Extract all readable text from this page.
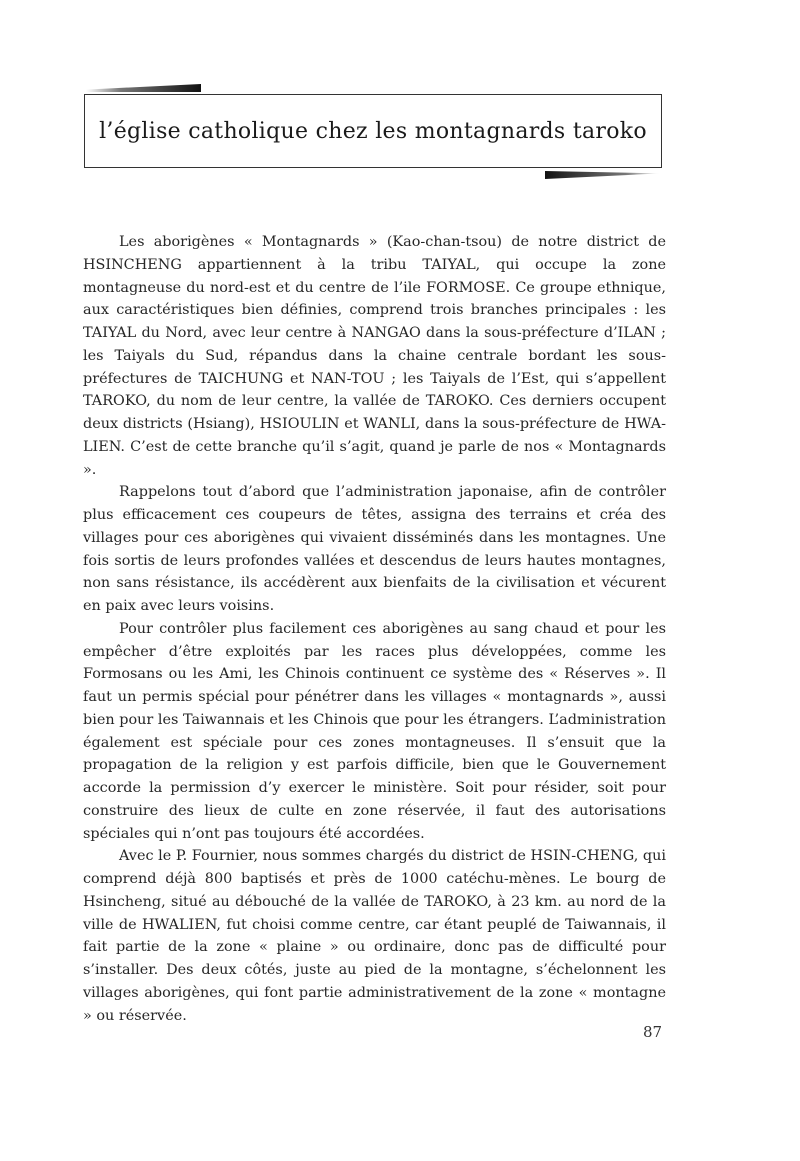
l’église catholique chez les montagnards taroko

Les aborigènes « Montagnards » (Kao-chan-tsou) de notre district de HSINCHENG appartiennent à la tribu TAIYAL, qui occupe la zone montagneuse du nord-est et du centre de l’ile FORMOSE. Ce groupe ethnique, aux caractéristiques bien définies, comprend trois branches principales : les TAIYAL du Nord, avec leur centre à NANGAO dans la sous-préfecture d’ILAN ; les Taiyals du Sud, répandus dans la chaine centrale bordant les sous-préfectures de TAICHUNG et NAN-TOU ; les Taiyals de l’Est, qui s’appellent TAROKO, du nom de leur centre, la vallée de TAROKO. Ces derniers occupent deux districts (Hsiang), HSIOULIN et WANLI, dans la sous-préfecture de HWA-LIEN. C’est de cette branche qu’il s’agit, quand je parle de nos « Montagnards ».

Rappelons tout d’abord que l’administration japonaise, afin de contrôler plus efficacement ces coupeurs de têtes, assigna des terrains et créa des villages pour ces aborigènes qui vivaient disséminés dans les montagnes. Une fois sortis de leurs profondes vallées et descendus de leurs hautes montagnes, non sans résistance, ils accédèrent aux bienfaits de la civilisation et vécurent en paix avec leurs voisins.

Pour contrôler plus facilement ces aborigènes au sang chaud et pour les empêcher d’être exploités par les races plus développées, comme les Formosans ou les Ami, les Chinois continuent ce système des « Réserves ». Il faut un permis spécial pour pénétrer dans les villages « montagnards », aussi bien pour les Taiwannais et les Chinois que pour les étrangers. L’administration également est spéciale pour ces zones montagneuses. Il s’ensuit que la propagation de la religion y est parfois difficile, bien que le Gouvernement accorde la permission d’y exercer le ministère. Soit pour résider, soit pour construire des lieux de culte en zone réservée, il faut des autorisations spéciales qui n’ont pas toujours été accordées.

Avec le P. Fournier, nous sommes chargés du district de HSIN-CHENG, qui comprend déjà 800 baptisés et près de 1000 catéchu-mènes. Le bourg de Hsincheng, situé au débouché de la vallée de TAROKO, à 23 km. au nord de la ville de HWALIEN, fut choisi comme centre, car étant peuplé de Taiwannais, il fait partie de la zone « plaine » ou ordinaire, donc pas de difficulté pour s’installer. Des deux côtés, juste au pied de la montagne, s’échelonnent les villages aborigènes, qui font partie administrativement de la zone « montagne » ou réservée.

87
